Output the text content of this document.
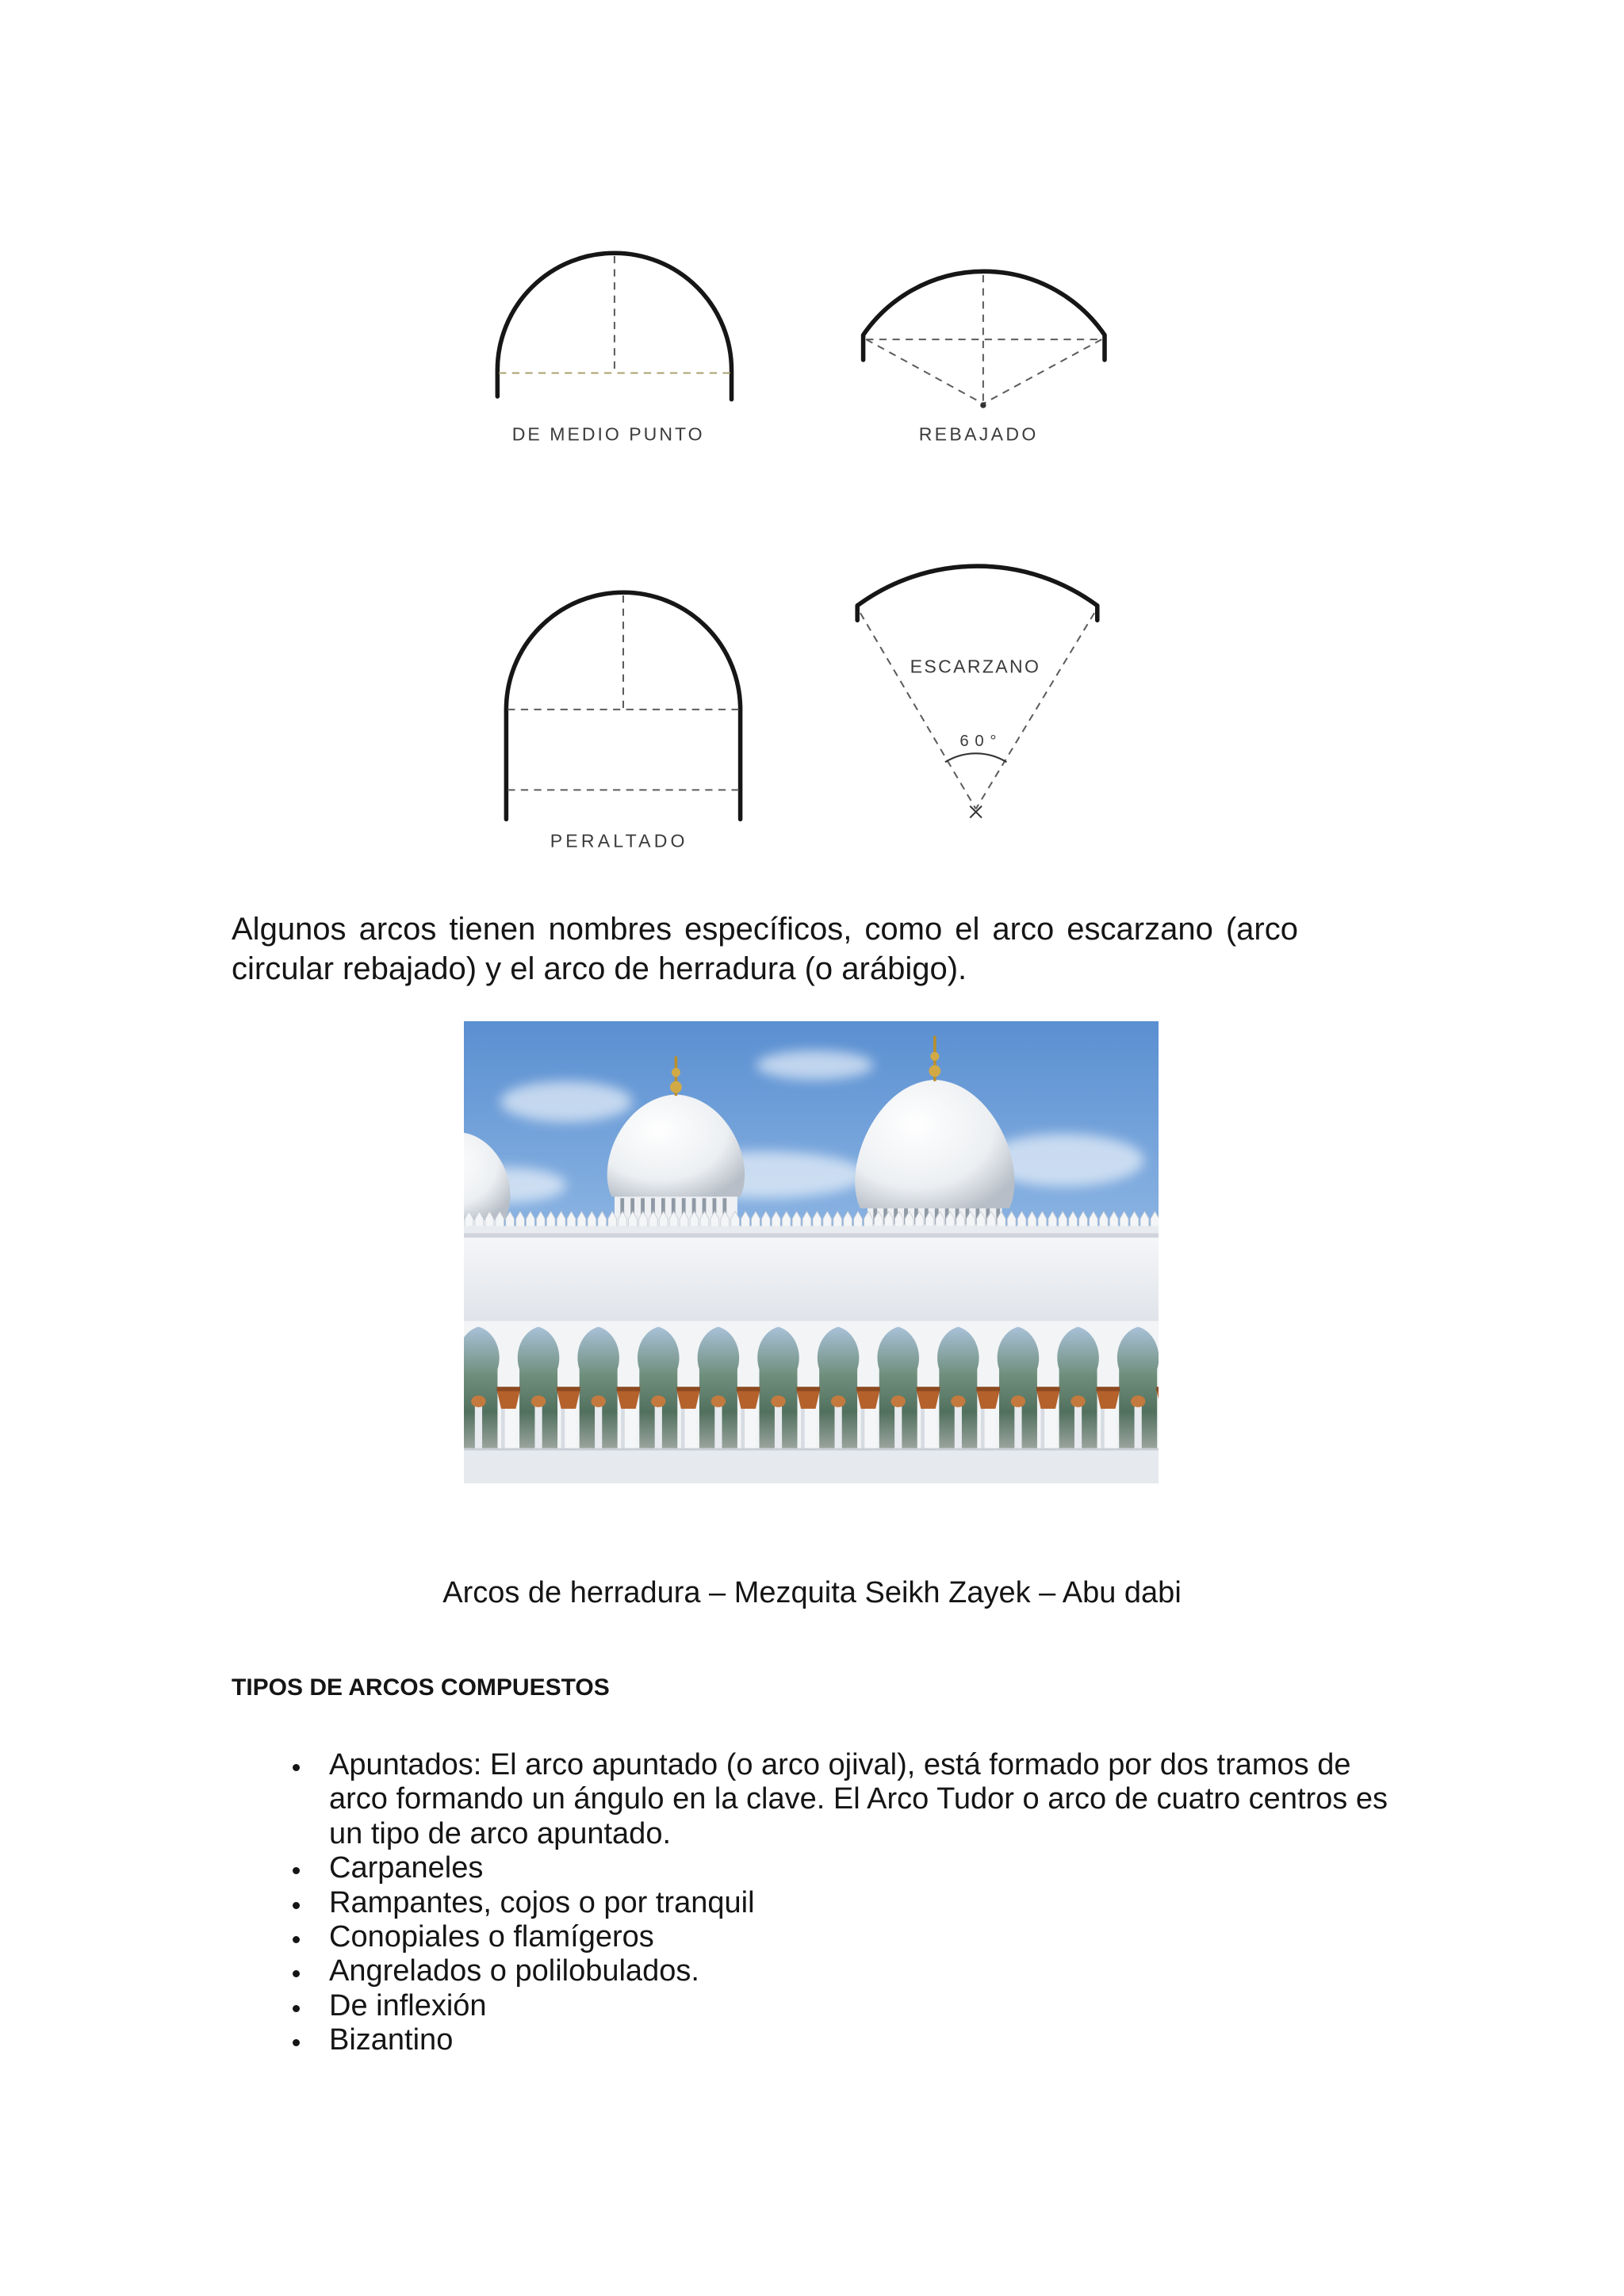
DE MEDIO PUNTO	REBAJADO
PERALTADO
ESCARZANO
60°

Algunos arcos tienen nombres específicos, como el arco escarzano (arco circular rebajado) y el arco de herradura (o arábigo).

Arcos de herradura – Mezquita Seikh Zayek – Abu dabi

TIPOS DE ARCOS COMPUESTOS
Apuntados: El arco apuntado (o arco ojival), está formado por dos tramos de arco formando un ángulo en la clave. El Arco Tudor o arco de cuatro centros es un tipo de arco apuntado.
Carpaneles
Rampantes, cojos o por tranquil
Conopiales o flamígeros
Angrelados o polilobulados.
De inflexión
Bizantino
